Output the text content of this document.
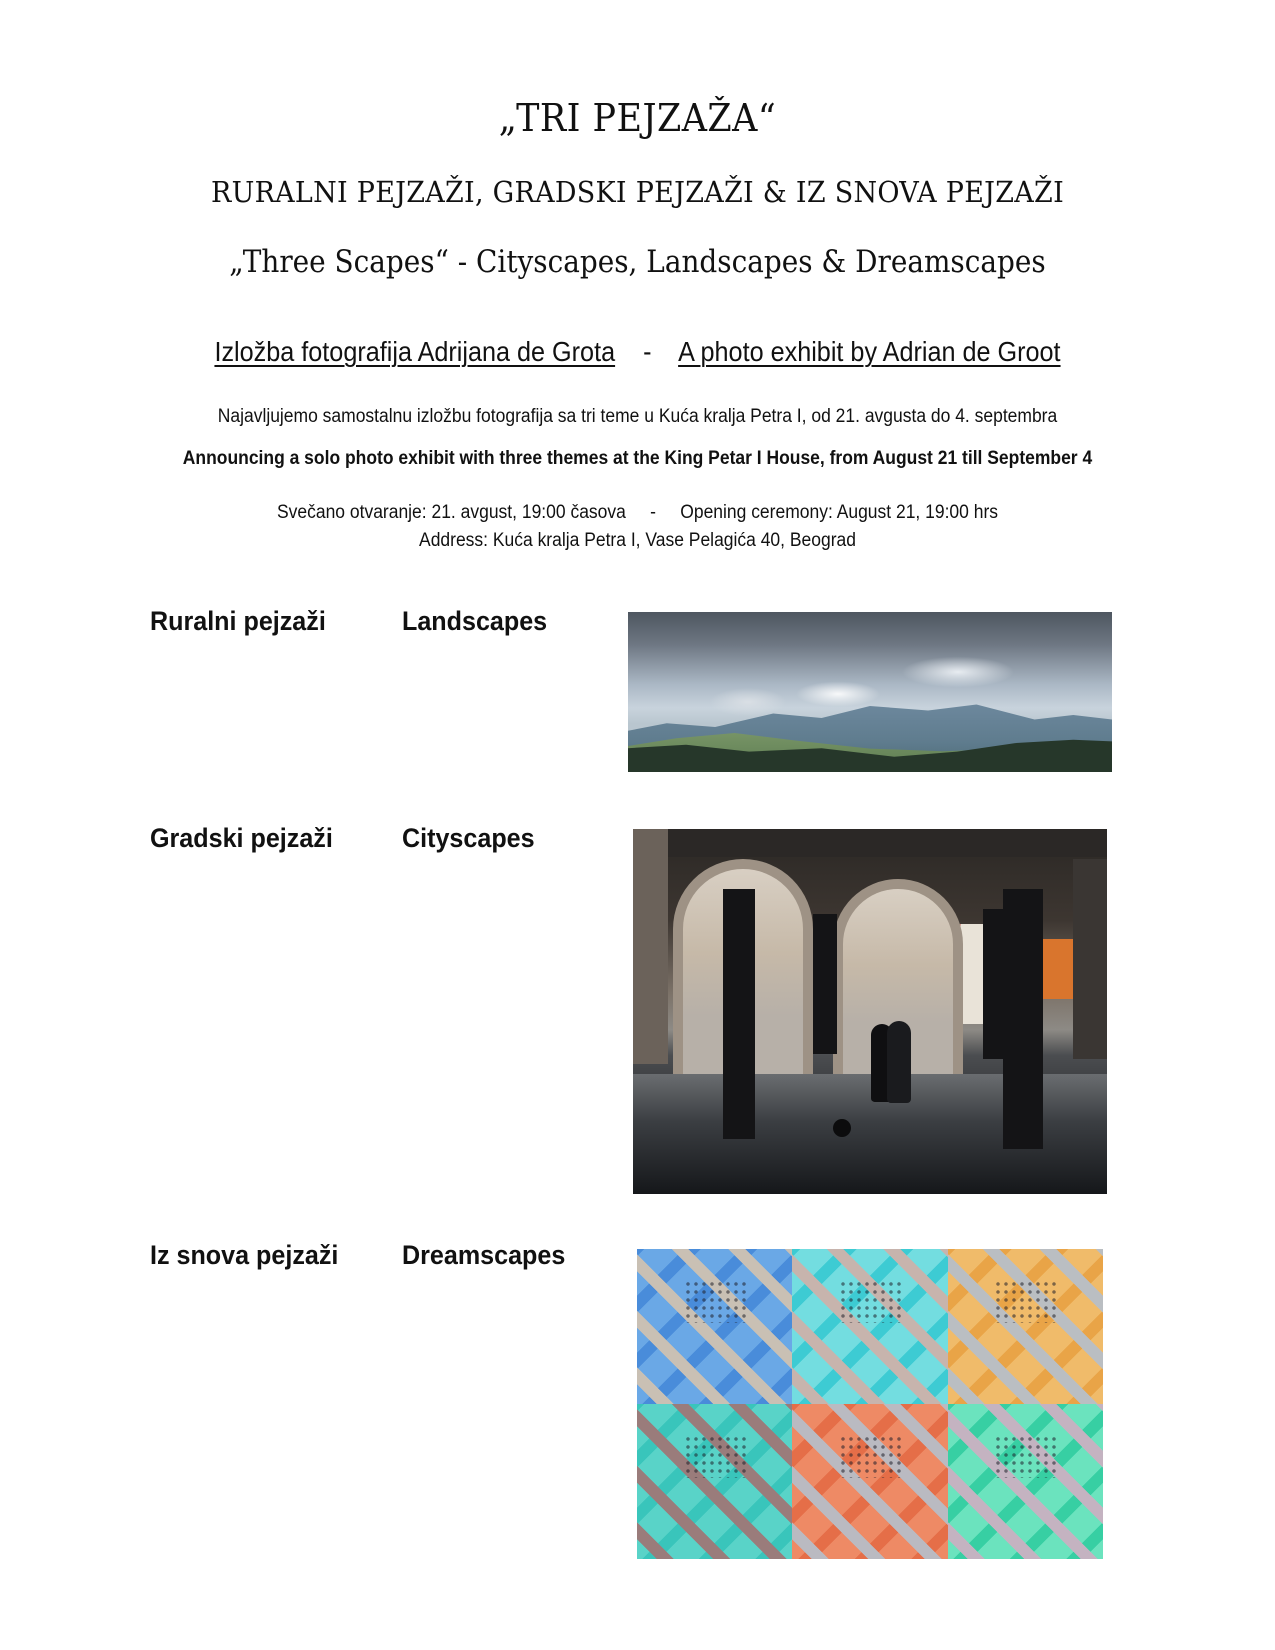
„TRI PEJZAŽA“
RURALNI PEJZAŽI, GRADSKI PEJZAŽI & IZ SNOVA PEJZAŽI
„Three Scapes“ - Cityscapes, Landscapes & Dreamscapes
Izložba fotografija Adrijana de Grota    -    A photo exhibit by Adrian de Groot
Najavljujemo samostalnu izložbu fotografija sa tri teme u Kuća kralja Petra I, od 21. avgusta do 4. septembra
Announcing a solo photo exhibit with three themes at the King Petar I House, from August 21 till September 4
Svečano otvaranje: 21. avgust, 19:00 časova     -     Opening ceremony: August 21, 19:00 hrs
Address: Kuća kralja Petra I, Vase Pelagića 40, Beograd
Ruralni pejzaži	Landscapes
Gradski pejzaži	Cityscapes
Iz snova pejzaži Dreamscapes
